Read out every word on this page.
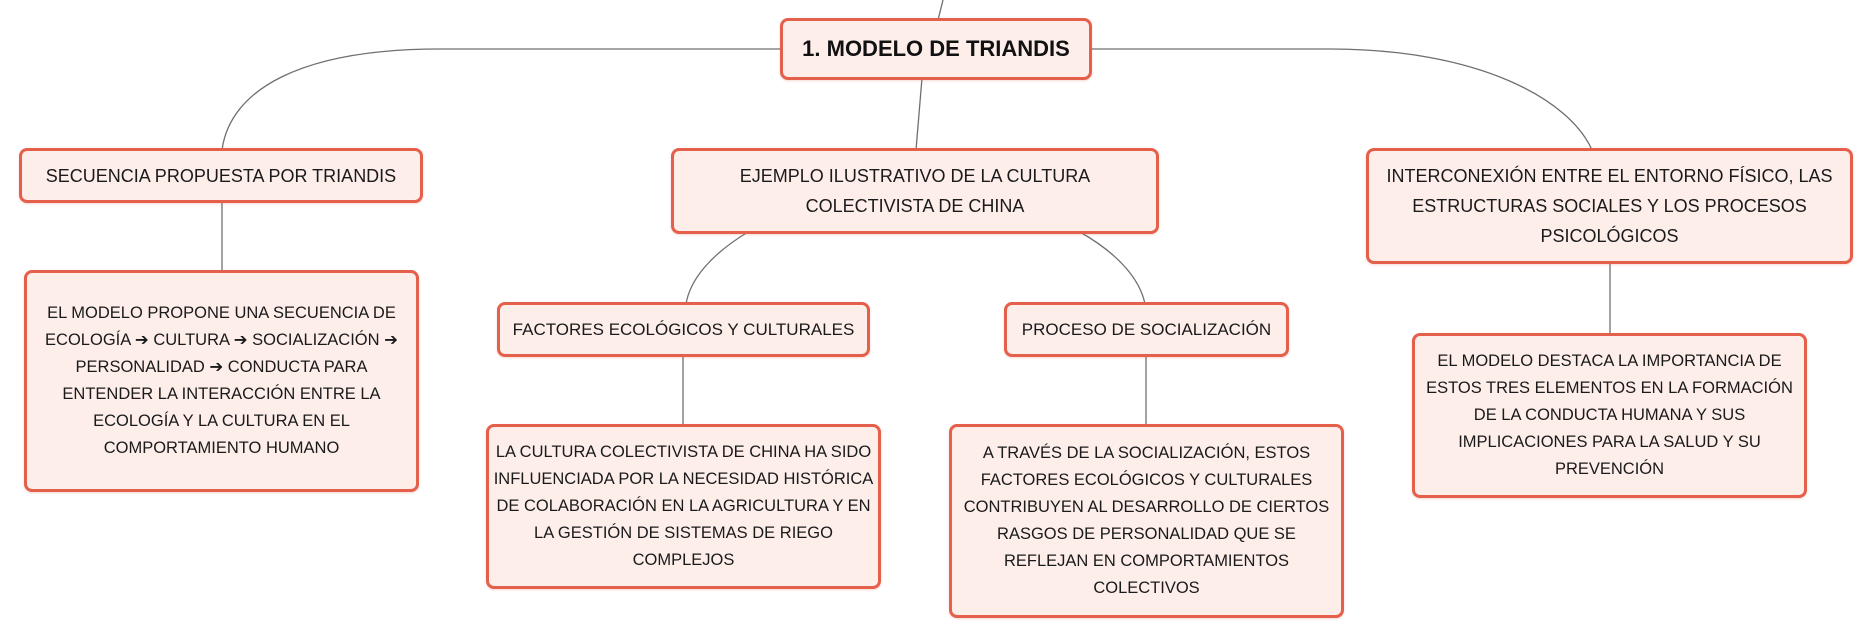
1. MODELO DE TRIANDIS
SECUENCIA PROPUESTA POR TRIANDIS
EL MODELO PROPONE UNA SECUENCIA DE ECOLOGÍA ➔ CULTURA ➔ SOCIALIZACIÓN ➔ PERSONALIDAD ➔ CONDUCTA PARA ENTENDER LA INTERACCIÓN ENTRE LA ECOLOGÍA Y LA CULTURA EN EL COMPORTAMIENTO HUMANO
EJEMPLO ILUSTRATIVO DE LA CULTURA COLECTIVISTA DE CHINA
FACTORES ECOLÓGICOS Y CULTURALES
LA CULTURA COLECTIVISTA DE CHINA HA SIDO INFLUENCIADA POR LA NECESIDAD HISTÓRICA DE COLABORACIÓN EN LA AGRICULTURA Y EN LA GESTIÓN DE SISTEMAS DE RIEGO COMPLEJOS
PROCESO DE SOCIALIZACIÓN
A TRAVÉS DE LA SOCIALIZACIÓN, ESTOS FACTORES ECOLÓGICOS Y CULTURALES CONTRIBUYEN AL DESARROLLO DE CIERTOS RASGOS DE PERSONALIDAD QUE SE REFLEJAN EN COMPORTAMIENTOS COLECTIVOS
INTERCONEXIÓN ENTRE EL ENTORNO FÍSICO, LAS ESTRUCTURAS SOCIALES Y LOS PROCESOS PSICOLÓGICOS
EL MODELO DESTACA LA IMPORTANCIA DE ESTOS TRES ELEMENTOS EN LA FORMACIÓN DE LA CONDUCTA HUMANA Y SUS IMPLICACIONES PARA LA SALUD Y SU PREVENCIÓN
